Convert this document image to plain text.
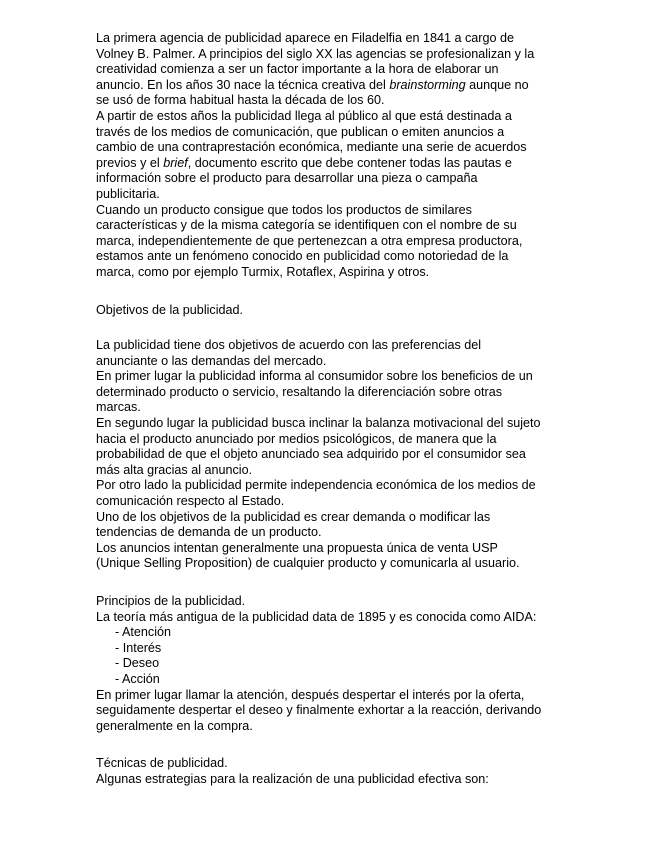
La primera agencia de publicidad aparece en Filadelfia en 1841 a cargo de

Volney B. Palmer. A principios del siglo XX las agencias se profesionalizan y la

creatividad comienza a ser un factor importante a la hora de elaborar un

anuncio. En los años 30 nace la técnica creativa del brainstorming aunque no

se usó de forma habitual hasta la década de los 60.

A partir de estos años la publicidad llega al público al que está destinada a

través de los medios de comunicación, que publican o emiten anuncios a

cambio de una contraprestación económica, mediante una serie de acuerdos

previos y el brief, documento escrito que debe contener todas las pautas e

información sobre el producto para desarrollar una pieza o campaña

publicitaria.

Cuando un producto consigue que todos los productos de similares

características y de la misma categoría se identifiquen con el nombre de su

marca, independientemente de que pertenezcan a otra empresa productora,

estamos ante un fenómeno conocido en publicidad como notoriedad de la

marca, como por ejemplo Turmix, Rotaflex, Aspirina y otros.

Objetivos de la publicidad.

La publicidad tiene dos objetivos de acuerdo con las preferencias del

anunciante o las demandas del mercado.

En primer lugar la publicidad informa al consumidor sobre los beneficios de un

determinado producto o servicio, resaltando la diferenciación sobre otras

marcas.

En segundo lugar la publicidad busca inclinar la balanza motivacional del sujeto

hacia el producto anunciado por medios psicológicos, de manera que la

probabilidad de que el objeto anunciado sea adquirido por el consumidor sea

más alta gracias al anuncio.

Por otro lado la publicidad permite independencia económica de los medios de

comunicación respecto al Estado.

Uno de los objetivos de la publicidad es crear demanda o modificar las

tendencias de demanda de un producto.

Los anuncios intentan generalmente una propuesta única de venta USP

(Unique Selling Proposition) de cualquier producto y comunicarla al usuario.

Principios de la publicidad.

La teoría más antigua de la publicidad data de 1895 y es conocida como AIDA:

- Atención
- Interés
- Deseo
- Acción

En primer lugar llamar la atención, después despertar el interés por la oferta,

seguidamente despertar el deseo y finalmente exhortar a la reacción, derivando

generalmente en la compra.

Técnicas de publicidad.

Algunas estrategias para la realización de una publicidad efectiva son:
